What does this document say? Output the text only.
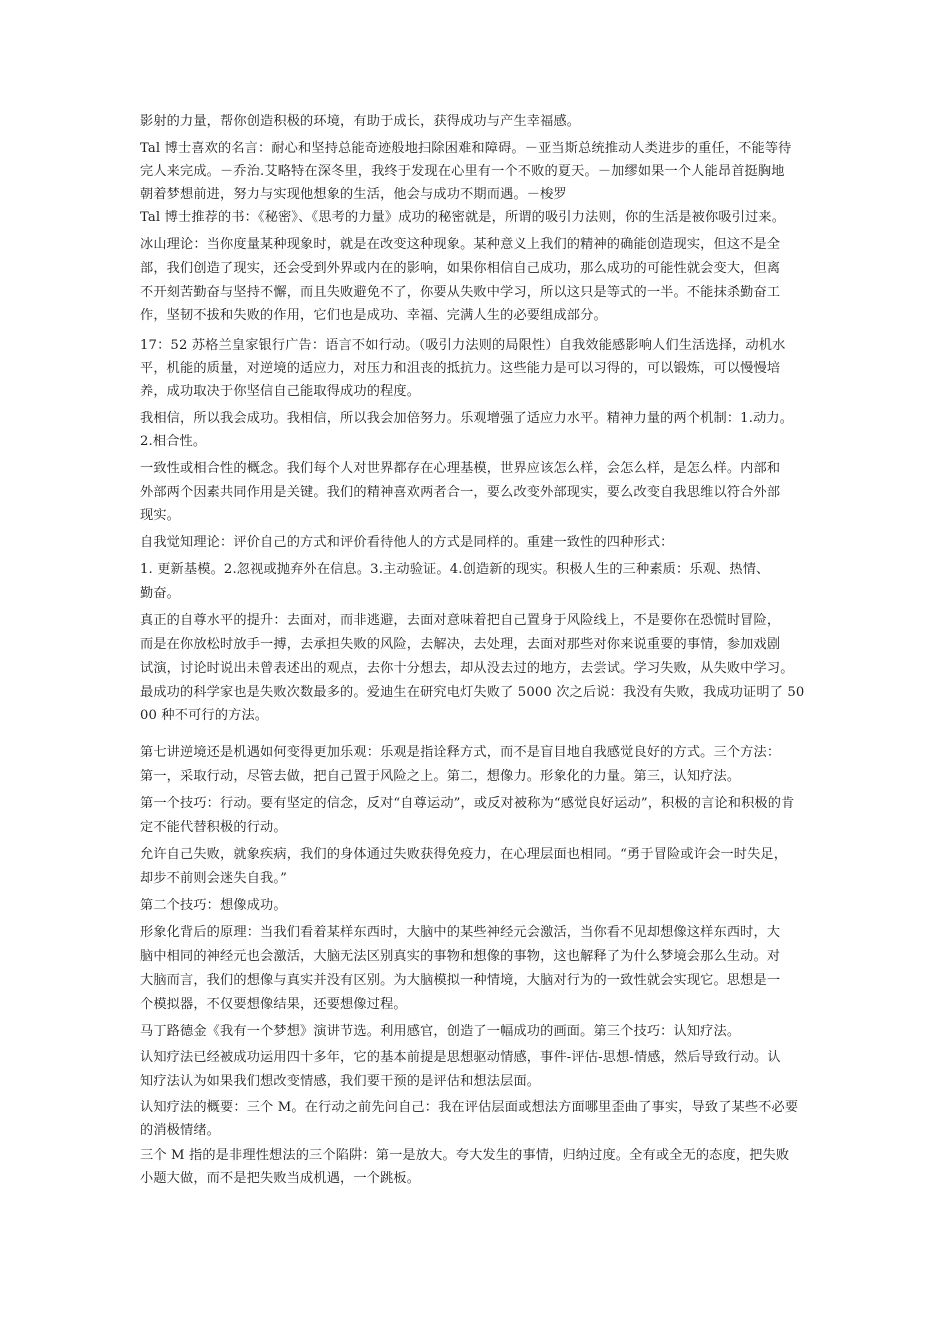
影射的力量，帮你创造积极的环境，有助于成长，获得成功与产生幸福感。
Tal 博士喜欢的名言：耐心和坚持总能奇迹般地扫除困难和障碍。－亚当斯总统推动人类进步的重任，不能等待
完人来完成。－乔治.艾略特在深冬里，我终于发现在心里有一个不败的夏天。－加缪如果一个人能昂首挺胸地
朝着梦想前进，努力与实现他想象的生活，他会与成功不期而遇。－梭罗
Tal 博士推荐的书：《秘密》、《思考的力量》成功的秘密就是，所谓的吸引力法则，你的生活是被你吸引过来。
冰山理论：当你度量某种现象时，就是在改变这种现象。某种意义上我们的精神的确能创造现实，但这不是全
部，我们创造了现实，还会受到外界或内在的影响，如果你相信自己成功，那么成功的可能性就会变大，但离
不开刻苦勤奋与坚持不懈，而且失败避免不了，你要从失败中学习，所以这只是等式的一半。不能抹杀勤奋工
作，坚韧不拔和失败的作用，它们也是成功、幸福、完满人生的必要组成部分。
17：52 苏格兰皇家银行广告：语言不如行动。（吸引力法则的局限性）自我效能感影响人们生活选择，动机水
平，机能的质量，对逆境的适应力，对压力和沮丧的抵抗力。这些能力是可以习得的，可以锻炼，可以慢慢培
养，成功取决于你坚信自己能取得成功的程度。
我相信，所以我会成功。我相信，所以我会加倍努力。乐观增强了适应力水平。精神力量的两个机制：1.动力。
2.相合性。
一致性或相合性的概念。我们每个人对世界都存在心理基模，世界应该怎么样，会怎么样，是怎么样。内部和
外部两个因素共同作用是关键。我们的精神喜欢两者合一，要么改变外部现实，要么改变自我思维以符合外部
现实。
自我觉知理论：评价自己的方式和评价看待他人的方式是同样的。重建一致性的四种形式：
1. 更新基模。2.忽视或抛弃外在信息。3.主动验证。4.创造新的现实。积极人生的三种素质：乐观、热情、
勤奋。
真正的自尊水平的提升：去面对，而非逃避，去面对意味着把自己置身于风险线上，不是要你在恐慌时冒险，
而是在你放松时放手一搏，去承担失败的风险，去解决，去处理，去面对那些对你来说重要的事情，参加戏剧
试演，讨论时说出未曾表述出的观点，去你十分想去，却从没去过的地方，去尝试。学习失败，从失败中学习。
最成功的科学家也是失败次数最多的。爱迪生在研究电灯失败了 5000 次之后说：我没有失败，我成功证明了 50
00 种不可行的方法。
第七讲逆境还是机遇如何变得更加乐观：乐观是指诠释方式，而不是盲目地自我感觉良好的方式。三个方法：
第一，采取行动，尽管去做，把自己置于风险之上。第二，想像力。形象化的力量。第三，认知疗法。
第一个技巧：行动。要有坚定的信念，反对“自尊运动”，或反对被称为“感觉良好运动”，积极的言论和积极的肯
定不能代替积极的行动。
允许自己失败，就象疾病，我们的身体通过失败获得免疫力，在心理层面也相同。“勇于冒险或许会一时失足，
却步不前则会迷失自我。”
第二个技巧：想像成功。
形象化背后的原理：当我们看着某样东西时，大脑中的某些神经元会激活，当你看不见却想像这样东西时，大
脑中相同的神经元也会激活，大脑无法区别真实的事物和想像的事物，这也解释了为什么梦境会那么生动。对
大脑而言，我们的想像与真实并没有区别。为大脑模拟一种情境，大脑对行为的一致性就会实现它。思想是一
个模拟器，不仅要想像结果，还要想像过程。
马丁路德金《我有一个梦想》演讲节选。利用感官，创造了一幅成功的画面。第三个技巧：认知疗法。
认知疗法已经被成功运用四十多年，它的基本前提是思想驱动情感，事件-评估-思想-情感，然后导致行动。认
知疗法认为如果我们想改变情感，我们要干预的是评估和想法层面。
认知疗法的概要：三个 M。在行动之前先问自己：我在评估层面或想法方面哪里歪曲了事实，导致了某些不必要
的消极情绪。
三个 M 指的是非理性想法的三个陷阱：第一是放大。夸大发生的事情，归纳过度。全有或全无的态度，把失败
小题大做，而不是把失败当成机遇，一个跳板。
